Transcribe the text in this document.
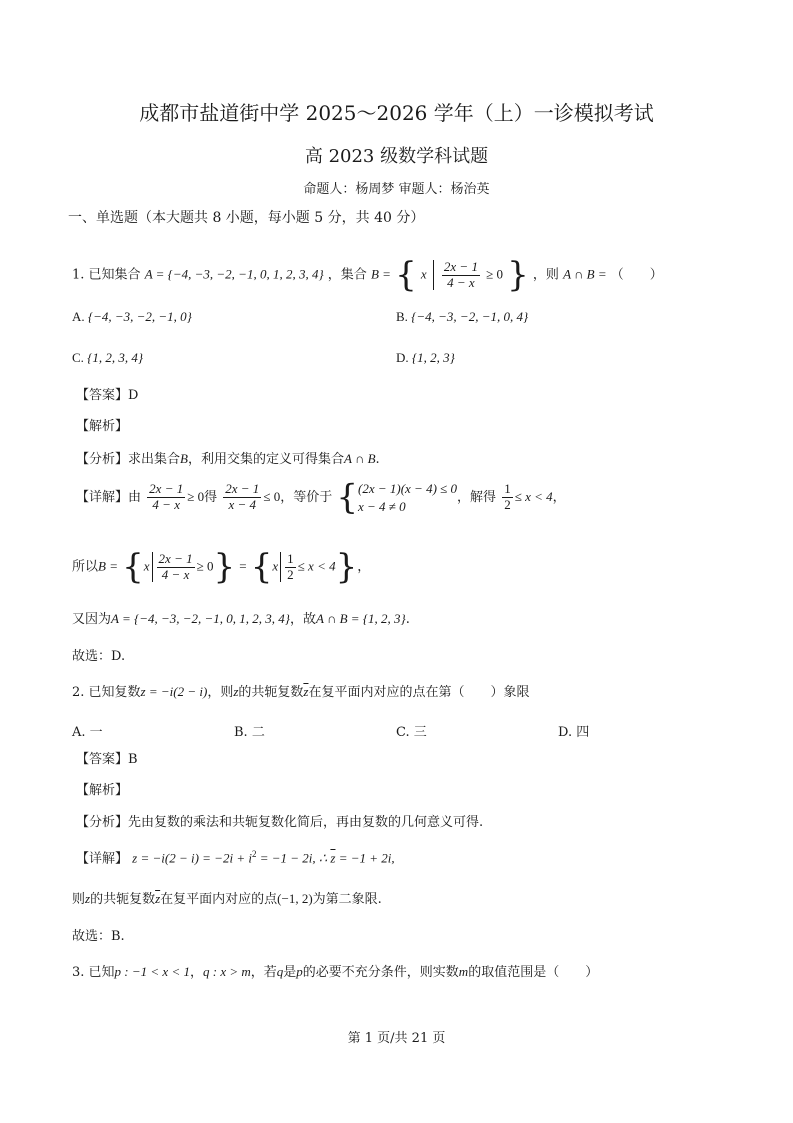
成都市盐道街中学 2025～2026 学年（上）一诊模拟考试
高 2023 级数学科试题
命题人：杨周梦 审题人：杨治英
一、单选题（本大题共 8 小题，每小题 5 分，共 40 分）
1. 已知集合 A = {−4, −3, −2, −1, 0, 1, 2, 3, 4} ，集合 B = { x $\frac{2x - 1}{4 - x} \ge 0$ } ，则 A ∩ B = （　　）
A. {−4, −3, −2, −1, 0}	B. {−4, −3, −2, −1, 0, 4}
C. {1, 2, 3, 4}	D. {1, 2, 3}
【答案】D
【解析】
【分析】求出集合B，利用交集的定义可得集合A ∩ B.
【详解】由 $\frac{2x - 1}{4 - x} \ge 0$得 $\frac{2x - 1}{x - 4} \le 0$，等价于 { (2x − 1)(x − 4) ≤ 0
x − 4 ≠ 0
，解得 $\frac{1}{2} \le x < 4$，
所以$B = \{x \frac{2x - 1}{4 - x} \ge 0\} = \{x \frac{1}{2} \le x < 4\}$，
又因为A = {−4, −3, −2, −1, 0, 1, 2, 3, 4}，故A ∩ B = {1, 2, 3}.
故选：D.
2. 已知复数z = −i(2 − i)，则z的共轭复数$\overline{z}$在复平面内对应的点在第（　　）象限
A. 一	B. 二	C. 三	D. 四
【答案】B
【解析】
【分析】先由复数的乘法和共轭复数化简后，再由复数的几何意义可得.
【详解】 $z = -i(2 - i) = -2i + i^2 = -1 - 2i$, ∴ $\overline{z} = -1 + 2i$,
则z的共轭复数$\overline{z}$在复平面内对应的点(−1, 2)为第二象限.
故选：B.
3. 已知p : −1 < x < 1，q : x > m，若q是p的必要不充分条件，则实数m的取值范围是（　　）
第 1 页/共 21 页
